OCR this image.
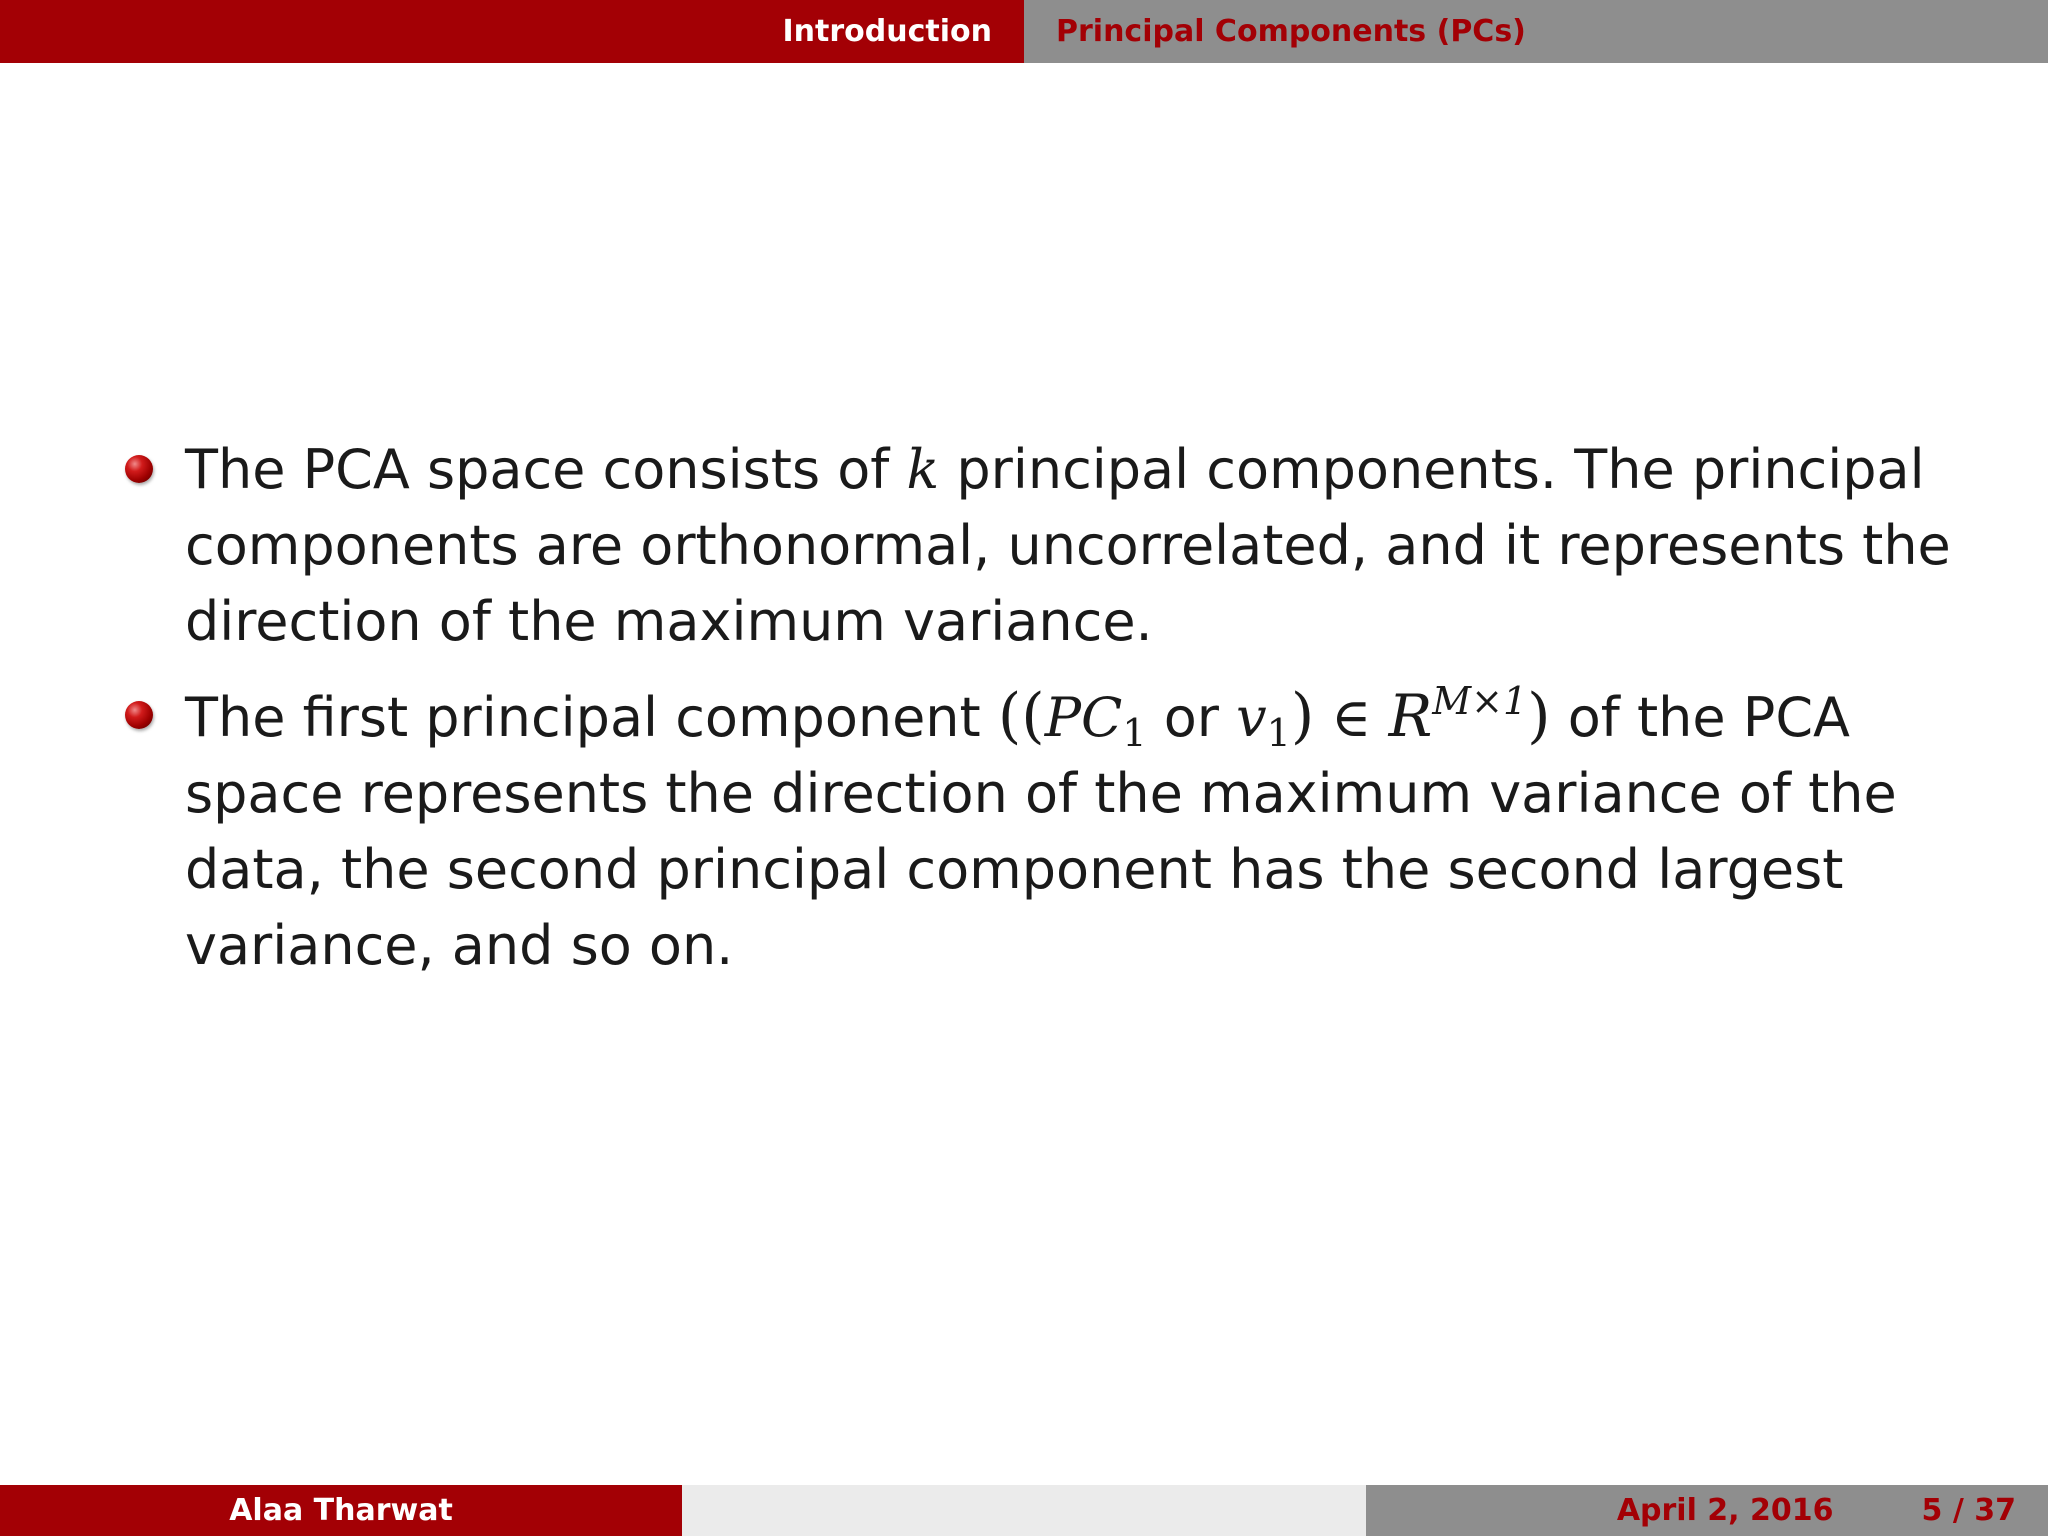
Introduction	Principal Components (PCs)
The PCA space consists of k principal components. The principal components are orthonormal, uncorrelated, and it represents the direction of the maximum variance.
The first principal component (($PC_1$ or $v_1$) ∈ $R^{M\times 1}$) of the PCA space represents the direction of the maximum variance of the data, the second principal component has the second largest variance, and so on.
Alaa Tharwat	April 2, 2016	5 / 37
